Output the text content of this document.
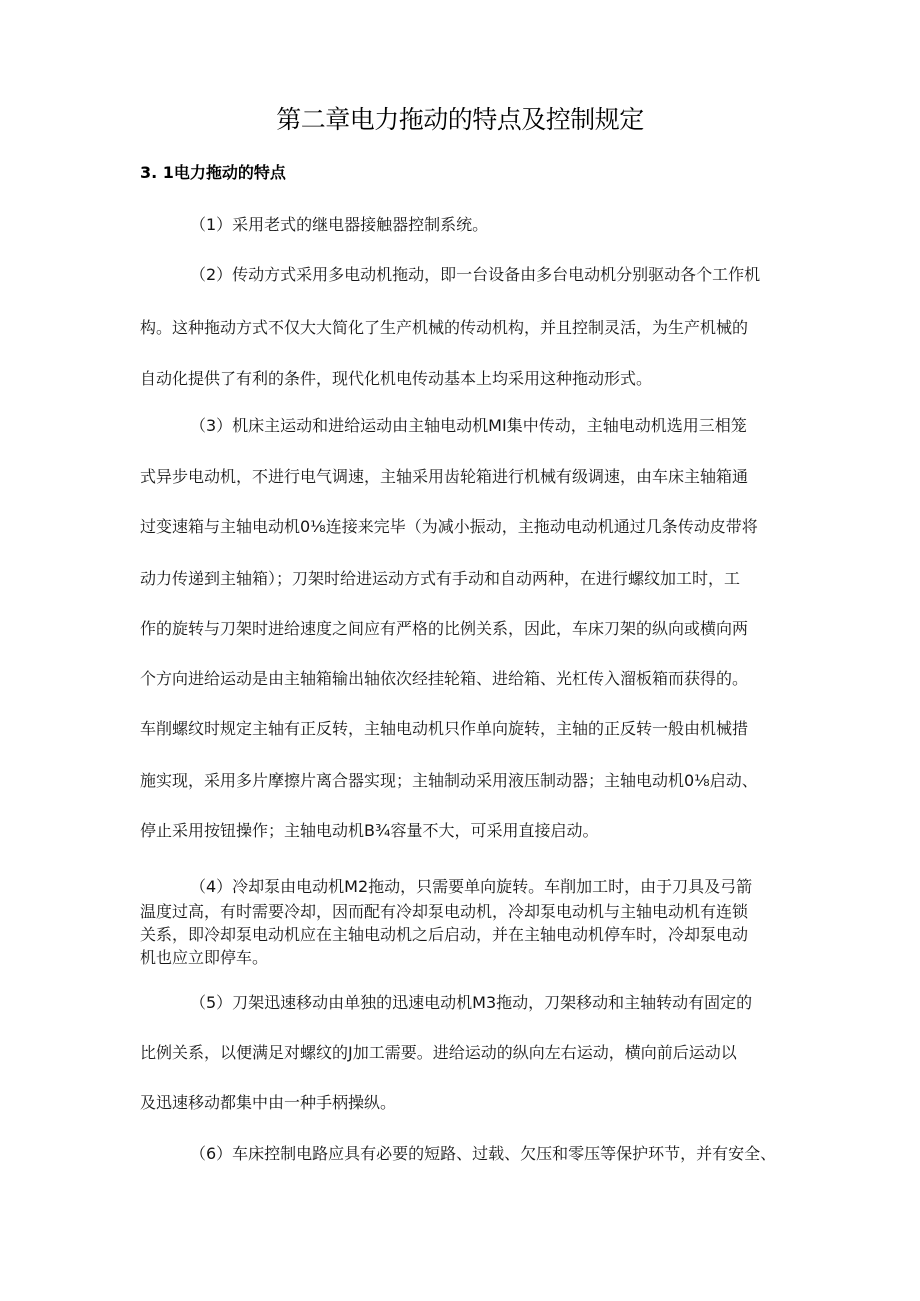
第二章电力拖动的特点及控制规定
3. 1电力拖动的特点
（1）采用老式的继电器接触器控制系统。
（2）传动方式采用多电动机拖动，即一台设备由多台电动机分别驱动各个工作机
构。这种拖动方式不仅大大简化了生产机械的传动机构，并且控制灵活，为生产机械的
自动化提供了有利的条件，现代化机电传动基本上均采用这种拖动形式。
（3）机床主运动和进给运动由主轴电动机MI集中传动，主轴电动机选用三相笼
式异步电动机，不进行电气调速，主轴采用齿轮箱进行机械有级调速，由车床主轴箱通
过变速箱与主轴电动机0⅛连接来完毕（为减小振动，主拖动电动机通过几条传动皮带将
动力传递到主轴箱）；刀架时给进运动方式有手动和自动两种，在进行螺纹加工时，工
作的旋转与刀架时进给速度之间应有严格的比例关系，因此，车床刀架的纵向或横向两
个方向进给运动是由主轴箱输出轴依次经挂轮箱、进给箱、光杠传入溜板箱而获得的。
车削螺纹时规定主轴有正反转，主轴电动机只作单向旋转，主轴的正反转一般由机械措
施实现，采用多片摩擦片离合器实现；主轴制动采用液压制动器；主轴电动机0⅛启动、
停止采用按钮操作；主轴电动机B¾容量不大，可采用直接启动。
（4）冷却泵由电动机M2拖动，只需要单向旋转。车削加工时，由于刀具及弓箭
温度过高，有时需要冷却，因而配有冷却泵电动机，冷却泵电动机与主轴电动机有连锁
关系，即冷却泵电动机应在主轴电动机之后启动，并在主轴电动机停车时，冷却泵电动
机也应立即停车。
（5）刀架迅速移动由单独的迅速电动机M3拖动，刀架移动和主轴转动有固定的
比例关系，以便满足对螺纹的J加工需要。进给运动的纵向左右运动，横向前后运动以
及迅速移动都集中由一种手柄操纵。
（6）车床控制电路应具有必要的短路、过载、欠压和零压等保护环节，并有安全、
